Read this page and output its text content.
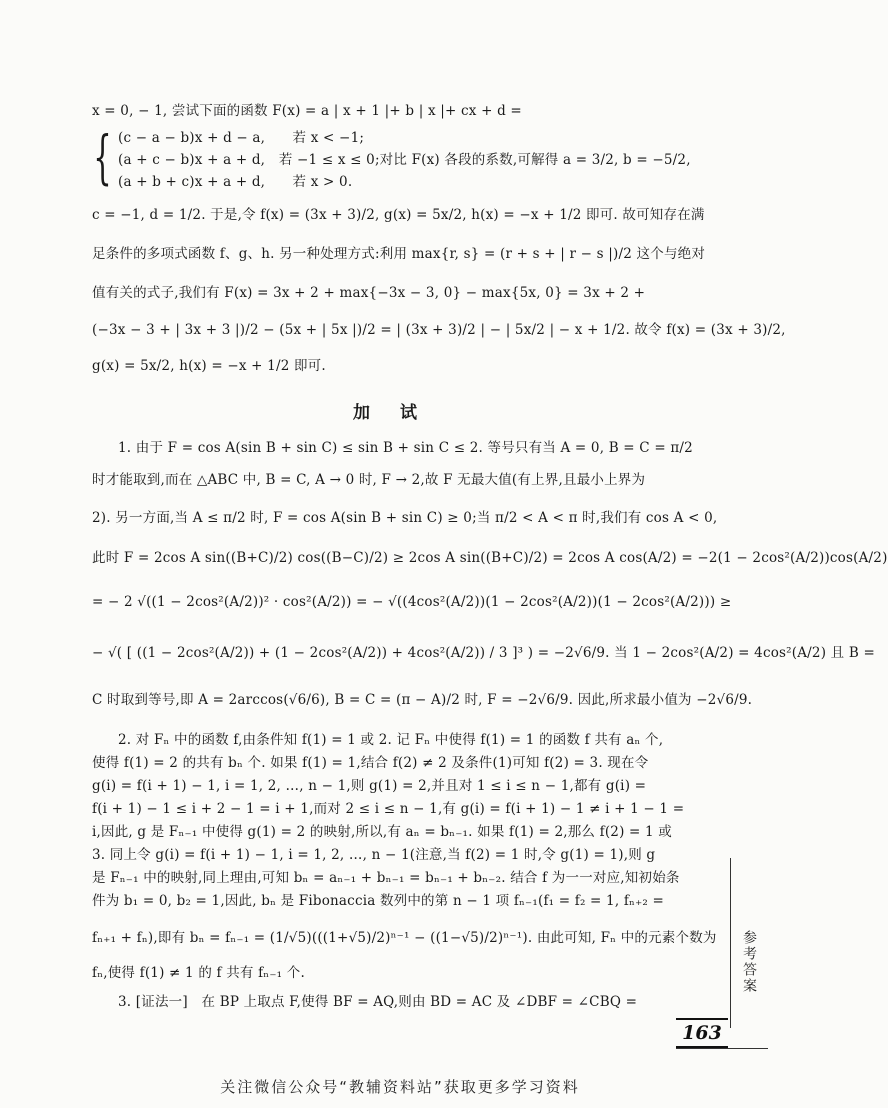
x = 0, − 1, 尝试下面的函数 F(x) = a | x + 1 |+ b | x |+ cx + d =
{ (c − a − b)x + d − a,　　若 x < −1;
(a + c − b)x + a + d,　若 −1 ≤ x ≤ 0;对比 F(x) 各段的系数,可解得 a = 3/2, b = −5/2,
(a + b + c)x + a + d,　　若 x > 0.
c = −1, d = 1/2. 于是,令 f(x) = (3x + 3)/2, g(x) = 5x/2, h(x) = −x + 1/2 即可. 故可知存在满
足条件的多项式函数 f、g、h. 另一种处理方式:利用 max{r, s} = (r + s + | r − s |)/2 这个与绝对
值有关的式子,我们有 F(x) = 3x + 2 + max{−3x − 3, 0} − max{5x, 0} = 3x + 2 +
(−3x − 3 + | 3x + 3 |)/2 − (5x + | 5x |)/2 = | (3x + 3)/2 | − | 5x/2 | − x + 1/2. 故令 f(x) = (3x + 3)/2,
g(x) = 5x/2, h(x) = −x + 1/2 即可.
加试
1. 由于 F = cos A(sin B + sin C) ≤ sin B + sin C ≤ 2. 等号只有当 A = 0, B = C = π/2
时才能取到,而在 △ABC 中, B = C, A → 0 时, F → 2,故 F 无最大值(有上界,且最小上界为
2). 另一方面,当 A ≤ π/2 时, F = cos A(sin B + sin C) ≥ 0;当 π/2 < A < π 时,我们有 cos A < 0,
此时 F = 2cos A sin((B+C)/2) cos((B−C)/2) ≥ 2cos A sin((B+C)/2) = 2cos A cos(A/2) = −2(1 − 2cos²(A/2))cos(A/2)
= − 2 √((1 − 2cos²(A/2))² · cos²(A/2)) = − √((4cos²(A/2))(1 − 2cos²(A/2))(1 − 2cos²(A/2))) ≥
− √( [ ((1 − 2cos²(A/2)) + (1 − 2cos²(A/2)) + 4cos²(A/2)) / 3 ]³ ) = −2√6/9. 当 1 − 2cos²(A/2) = 4cos²(A/2) 且 B =
C 时取到等号,即 A = 2arccos(√6/6), B = C = (π − A)/2 时, F = −2√6/9. 因此,所求最小值为 −2√6/9.
2. 对 Fₙ 中的函数 f,由条件知 f(1) = 1 或 2. 记 Fₙ 中使得 f(1) = 1 的函数 f 共有 aₙ 个,
使得 f(1) = 2 的共有 bₙ 个. 如果 f(1) = 1,结合 f(2) ≠ 2 及条件(1)可知 f(2) = 3. 现在令
g(i) = f(i + 1) − 1, i = 1, 2, …, n − 1,则 g(1) = 2,并且对 1 ≤ i ≤ n − 1,都有 g(i) =
f(i + 1) − 1 ≤ i + 2 − 1 = i + 1,而对 2 ≤ i ≤ n − 1,有 g(i) = f(i + 1) − 1 ≠ i + 1 − 1 =
i,因此, g 是 Fₙ₋₁ 中使得 g(1) = 2 的映射,所以,有 aₙ = bₙ₋₁. 如果 f(1) = 2,那么 f(2) = 1 或
3. 同上令 g(i) = f(i + 1) − 1, i = 1, 2, …, n − 1(注意,当 f(2) = 1 时,令 g(1) = 1),则 g
是 Fₙ₋₁ 中的映射,同上理由,可知 bₙ = aₙ₋₁ + bₙ₋₁ = bₙ₋₁ + bₙ₋₂. 结合 f 为一一对应,知初始条
件为 b₁ = 0, b₂ = 1,因此, bₙ 是 Fibonaccia 数列中的第 n − 1 项 fₙ₋₁(f₁ = f₂ = 1, fₙ₊₂ =
fₙ₊₁ + fₙ),即有 bₙ = fₙ₋₁ = (1/√5)(((1+√5)/2)ⁿ⁻¹ − ((1−√5)/2)ⁿ⁻¹). 由此可知, Fₙ 中的元素个数为
fₙ,使得 f(1) ≠ 1 的 f 共有 fₙ₋₁ 个.
3. [证法一]　在 BP 上取点 F,使得 BF = AQ,则由 BD = AC 及 ∠DBF = ∠CBQ =
参考答案
163
关注微信公众号“教辅资料站”获取更多学习资料
